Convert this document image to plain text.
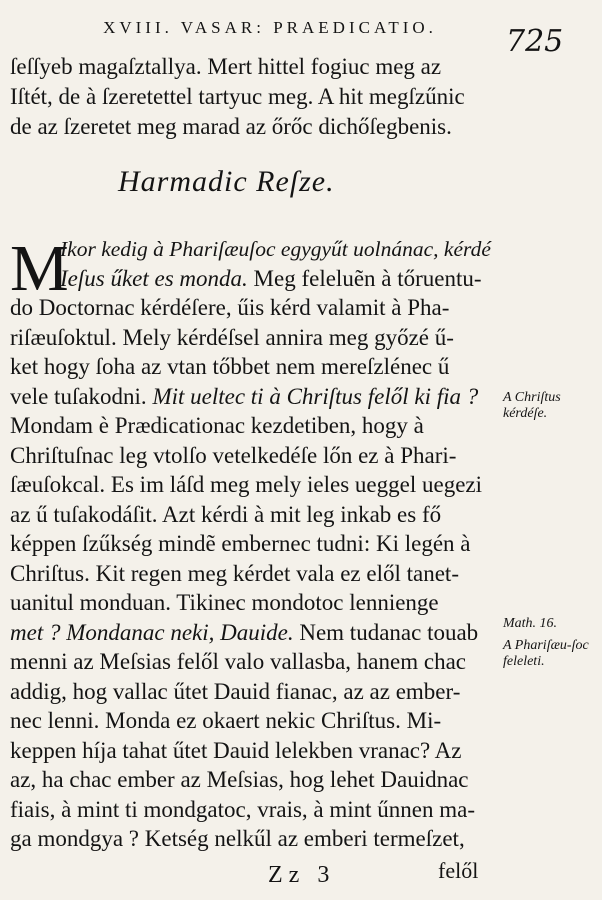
XVIII. VASAR: PRAEDICATIO.	725
ſeſſyeb magaſztallya. Mert hittel fogiuc meg az
Iſtét, de à ſzeretettel tartyuc meg. A hit megſzűnic
de az ſzeretet meg marad az őrőc dichőſegbenis.
Harmadic Reſze.
M
Ikor kedig à Phariſæuſoc egygyűt uolnánac, kérdé
Ieſus űket es monda. Meg feleluẽn à tőruentu-
do Doctornac kérdéſere, űis kérd valamit à Pha-
riſæuſoktul. Mely kérdéſsel annira meg győzé ű-
ket hogy ſoha az vtan tőbbet nem mereſzlénec ű
vele tuſakodni. Mit ueltec ti à Chriſtus felől ki fia ?
Mondam è Prædicationac kezdetiben, hogy à
Chriſtuſnac leg vtolſo vetelkedéſe lőn ez à Phari-
ſæuſokcal. Es im láſd meg mely ieles ueggel uegezi
az ű tuſakodáſit. Azt kérdi à mit leg inkab es fő
képpen ſzűkség mindẽ embernec tudni: Ki legén à
Chriſtus. Kit regen meg kérdet vala ez elől tanet-
uanitul monduan. Tikinec mondotoc lennienge
met ? Mondanac neki, Dauide. Nem tudanac touab
menni az Meſsias felől valo vallasba, hanem chac
addig, hog vallac űtet Dauid fianac, az az ember-
nec lenni. Monda ez okaert nekic Chriſtus. Mi-
keppen híja tahat űtet Dauid lelekben vranac? Az
az, ha chac ember az Meſsias, hog lehet Dauidnac
fiais, à mint ti mondgatoc, vrais, à mint űnnen ma-
ga mondgya ? Ketség nelkűl az emberi termeſzet,
A Chriſtus kérdéſe.
Math. 16.
A Phariſæu-ſoc feleleti.
Zz 3	felől
